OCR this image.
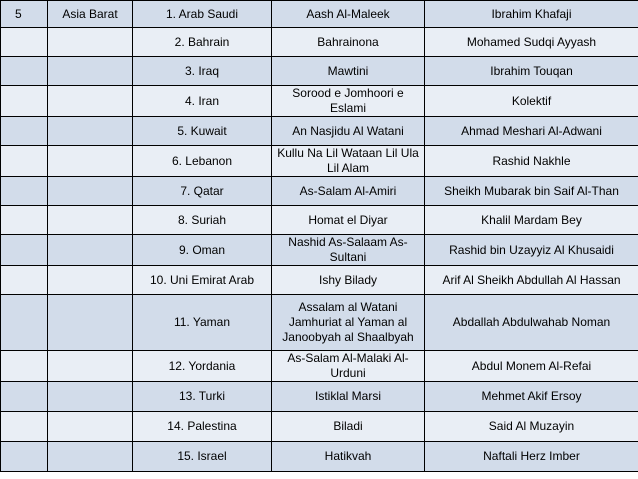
5	Asia Barat	1. Arab Saudi	Aash Al-Maleek	Ibrahim Khafaji
		2. Bahrain	Bahrainona	Mohamed Sudqi Ayyash
		3. Iraq	Mawtini	Ibrahim Touqan
		4. Iran	Sorood e Jomhoori e Eslami	Kolektif
		5. Kuwait	An Nasjidu Al Watani	Ahmad Meshari Al-Adwani
		6. Lebanon	Kullu Na Lil Wataan Lil Ula Lil Alam	Rashid Nakhle
		7. Qatar	As-Salam Al-Amiri	Sheikh Mubarak bin Saif Al-Than
		8. Suriah	Homat el Diyar	Khalil Mardam Bey
		9. Oman	Nashid As-Salaam As-Sultani	Rashid bin Uzayyiz Al Khusaidi
		10. Uni Emirat Arab	Ishy Bilady	Arif Al Sheikh Abdullah Al Hassan
		11. Yaman	Assalam al Watani Jamhuriat al Yaman al Janoobyah al Shaalbyah	Abdallah Abdulwahab Noman
		12. Yordania	As-Salam Al-Malaki Al-Urduni	Abdul Monem Al-Refai
		13. Turki	Istiklal Marsi	Mehmet Akif Ersoy
		14. Palestina	Biladi	Said Al Muzayin
		15. Israel	Hatikvah	Naftali Herz Imber
